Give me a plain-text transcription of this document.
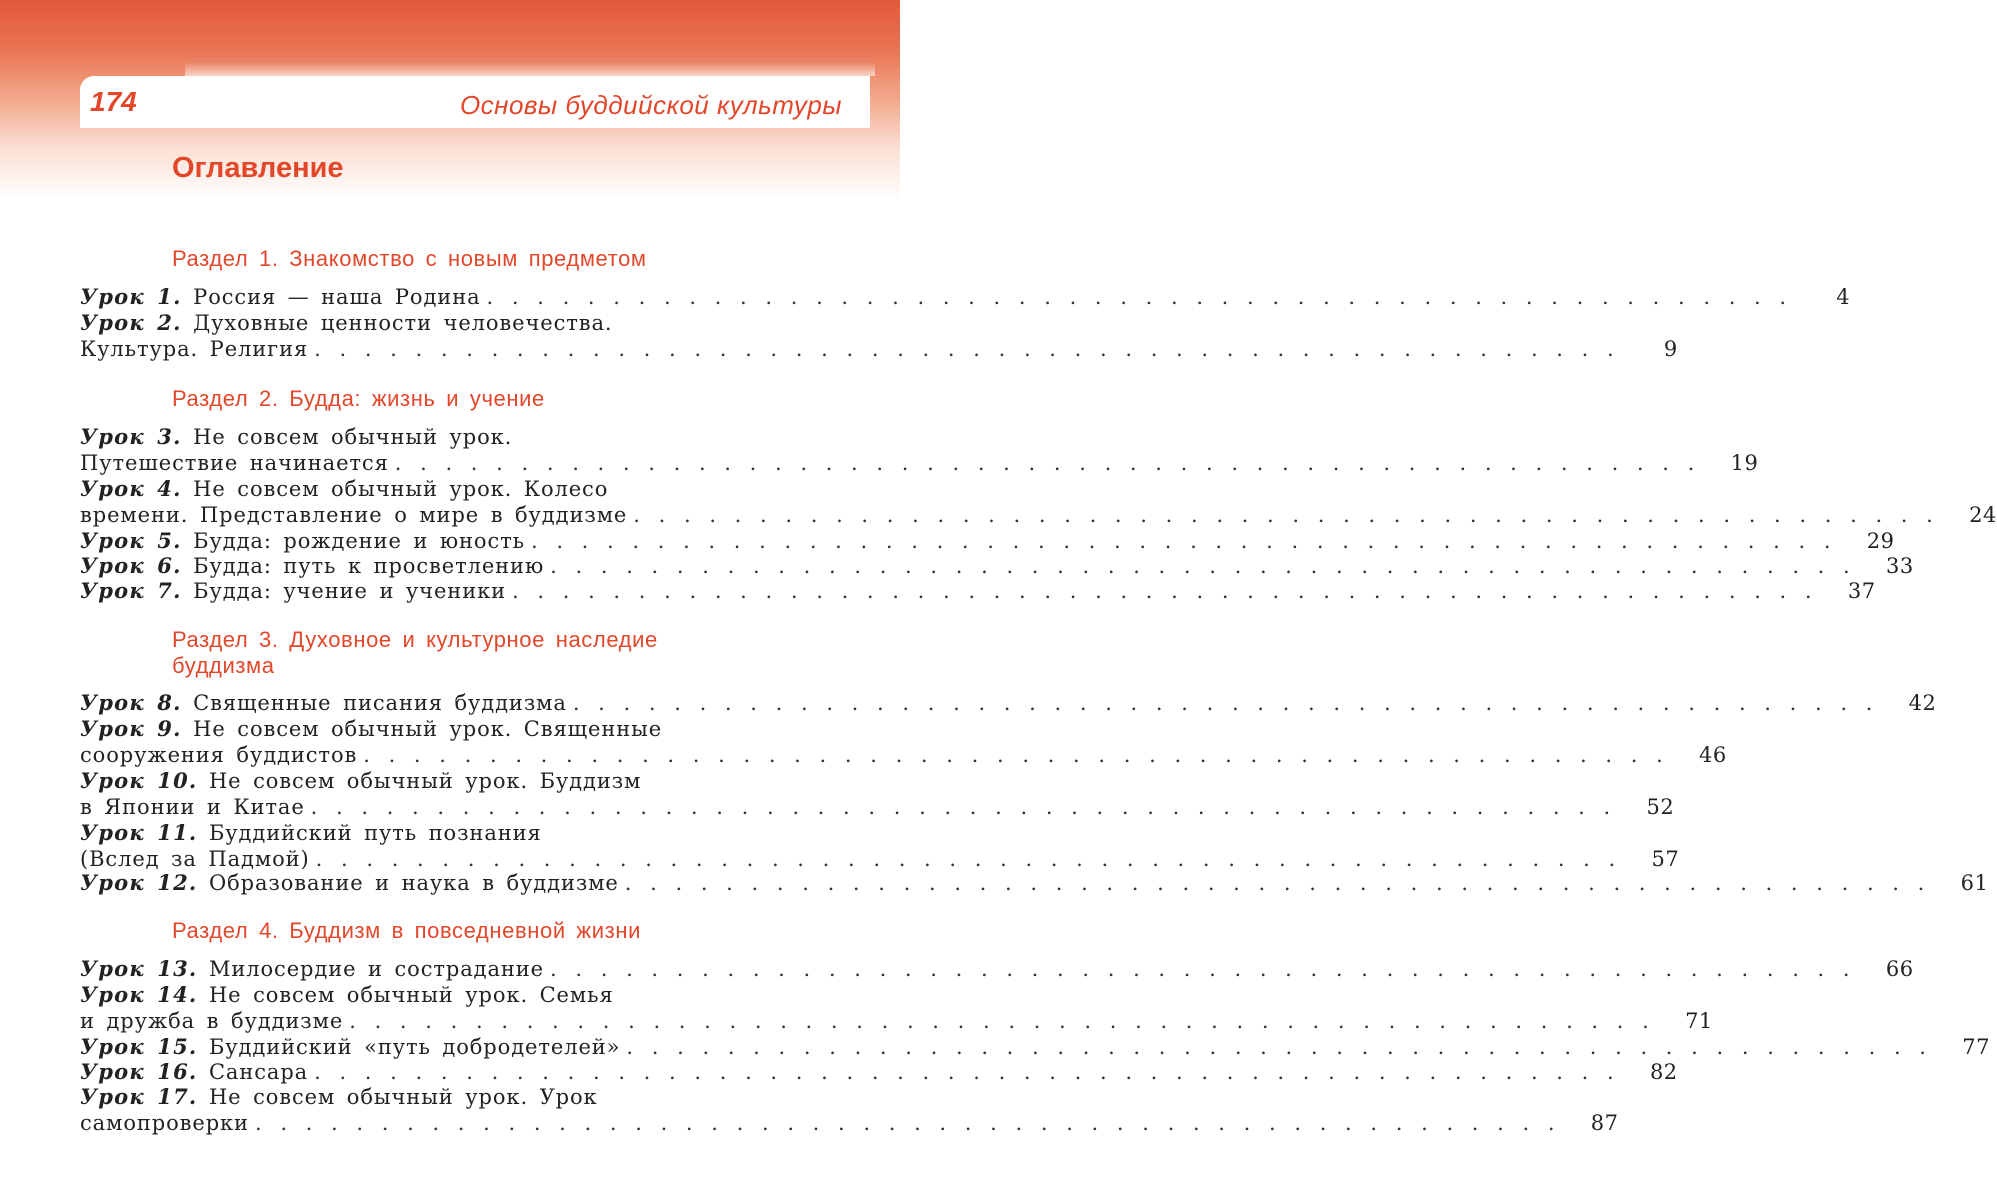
174	Основы буддийской культуры
Оглавление
Раздел 1. Знакомство с новым предметом
Урок 1. Россия — наша Родина . . . . . . . . . . . . . . . . . . . . . . . . . . . . . . . . . . . . . . . . . . . . . . . . . . . .	4
Урок 2. Духовные ценности человечества.
Культура. Религия . . . . . . . . . . . . . . . . . . . . . . . . . . . . . . . . . . . . . . . . . . . . . . . . . . . .	9
Раздел 2. Будда: жизнь и учение
Урок 3. Не совсем обычный урок.
Путешествие начинается . . . . . . . . . . . . . . . . . . . . . . . . . . . . . . . . . . . . . . . . . . . . . . . . . . . .	19
Урок 4. Не совсем обычный урок. Колесо
времени. Представление о мире в буддизме . . . . . . . . . . . . . . . . . . . . . . . . . . . . . . . . . . . . . . . . . . . . . . . . . . . .	24
Урок 5. Будда: рождение и юность . . . . . . . . . . . . . . . . . . . . . . . . . . . . . . . . . . . . . . . . . . . . . . . . . . . .	29
Урок 6. Будда: путь к просветлению . . . . . . . . . . . . . . . . . . . . . . . . . . . . . . . . . . . . . . . . . . . . . . . . . . . .	33
Урок 7. Будда: учение и ученики . . . . . . . . . . . . . . . . . . . . . . . . . . . . . . . . . . . . . . . . . . . . . . . . . . . .	37
Раздел 3. Духовное и культурное наследие
буддизма
Урок 8. Священные писания буддизма . . . . . . . . . . . . . . . . . . . . . . . . . . . . . . . . . . . . . . . . . . . . . . . . . . . .	42
Урок 9. Не совсем обычный урок. Священные
сооружения буддистов . . . . . . . . . . . . . . . . . . . . . . . . . . . . . . . . . . . . . . . . . . . . . . . . . . . .	46
Урок 10. Не совсем обычный урок. Буддизм
в Японии и Китае . . . . . . . . . . . . . . . . . . . . . . . . . . . . . . . . . . . . . . . . . . . . . . . . . . . .	52
Урок 11. Буддийский путь познания
(Вслед за Падмой) . . . . . . . . . . . . . . . . . . . . . . . . . . . . . . . . . . . . . . . . . . . . . . . . . . . .	57
Урок 12. Образование и наука в буддизме . . . . . . . . . . . . . . . . . . . . . . . . . . . . . . . . . . . . . . . . . . . . . . . . . . . .	61
Раздел 4. Буддизм в повседневной жизни
Урок 13. Милосердие и сострадание . . . . . . . . . . . . . . . . . . . . . . . . . . . . . . . . . . . . . . . . . . . . . . . . . . . .	66
Урок 14. Не совсем обычный урок. Семья
и дружба в буддизме . . . . . . . . . . . . . . . . . . . . . . . . . . . . . . . . . . . . . . . . . . . . . . . . . . . .	71
Урок 15. Буддийский «путь добродетелей» . . . . . . . . . . . . . . . . . . . . . . . . . . . . . . . . . . . . . . . . . . . . . . . . . . . .	77
Урок 16. Сансара . . . . . . . . . . . . . . . . . . . . . . . . . . . . . . . . . . . . . . . . . . . . . . . . . . . .	82
Урок 17. Не совсем обычный урок. Урок
самопроверки . . . . . . . . . . . . . . . . . . . . . . . . . . . . . . . . . . . . . . . . . . . . . . . . . . . .	87
